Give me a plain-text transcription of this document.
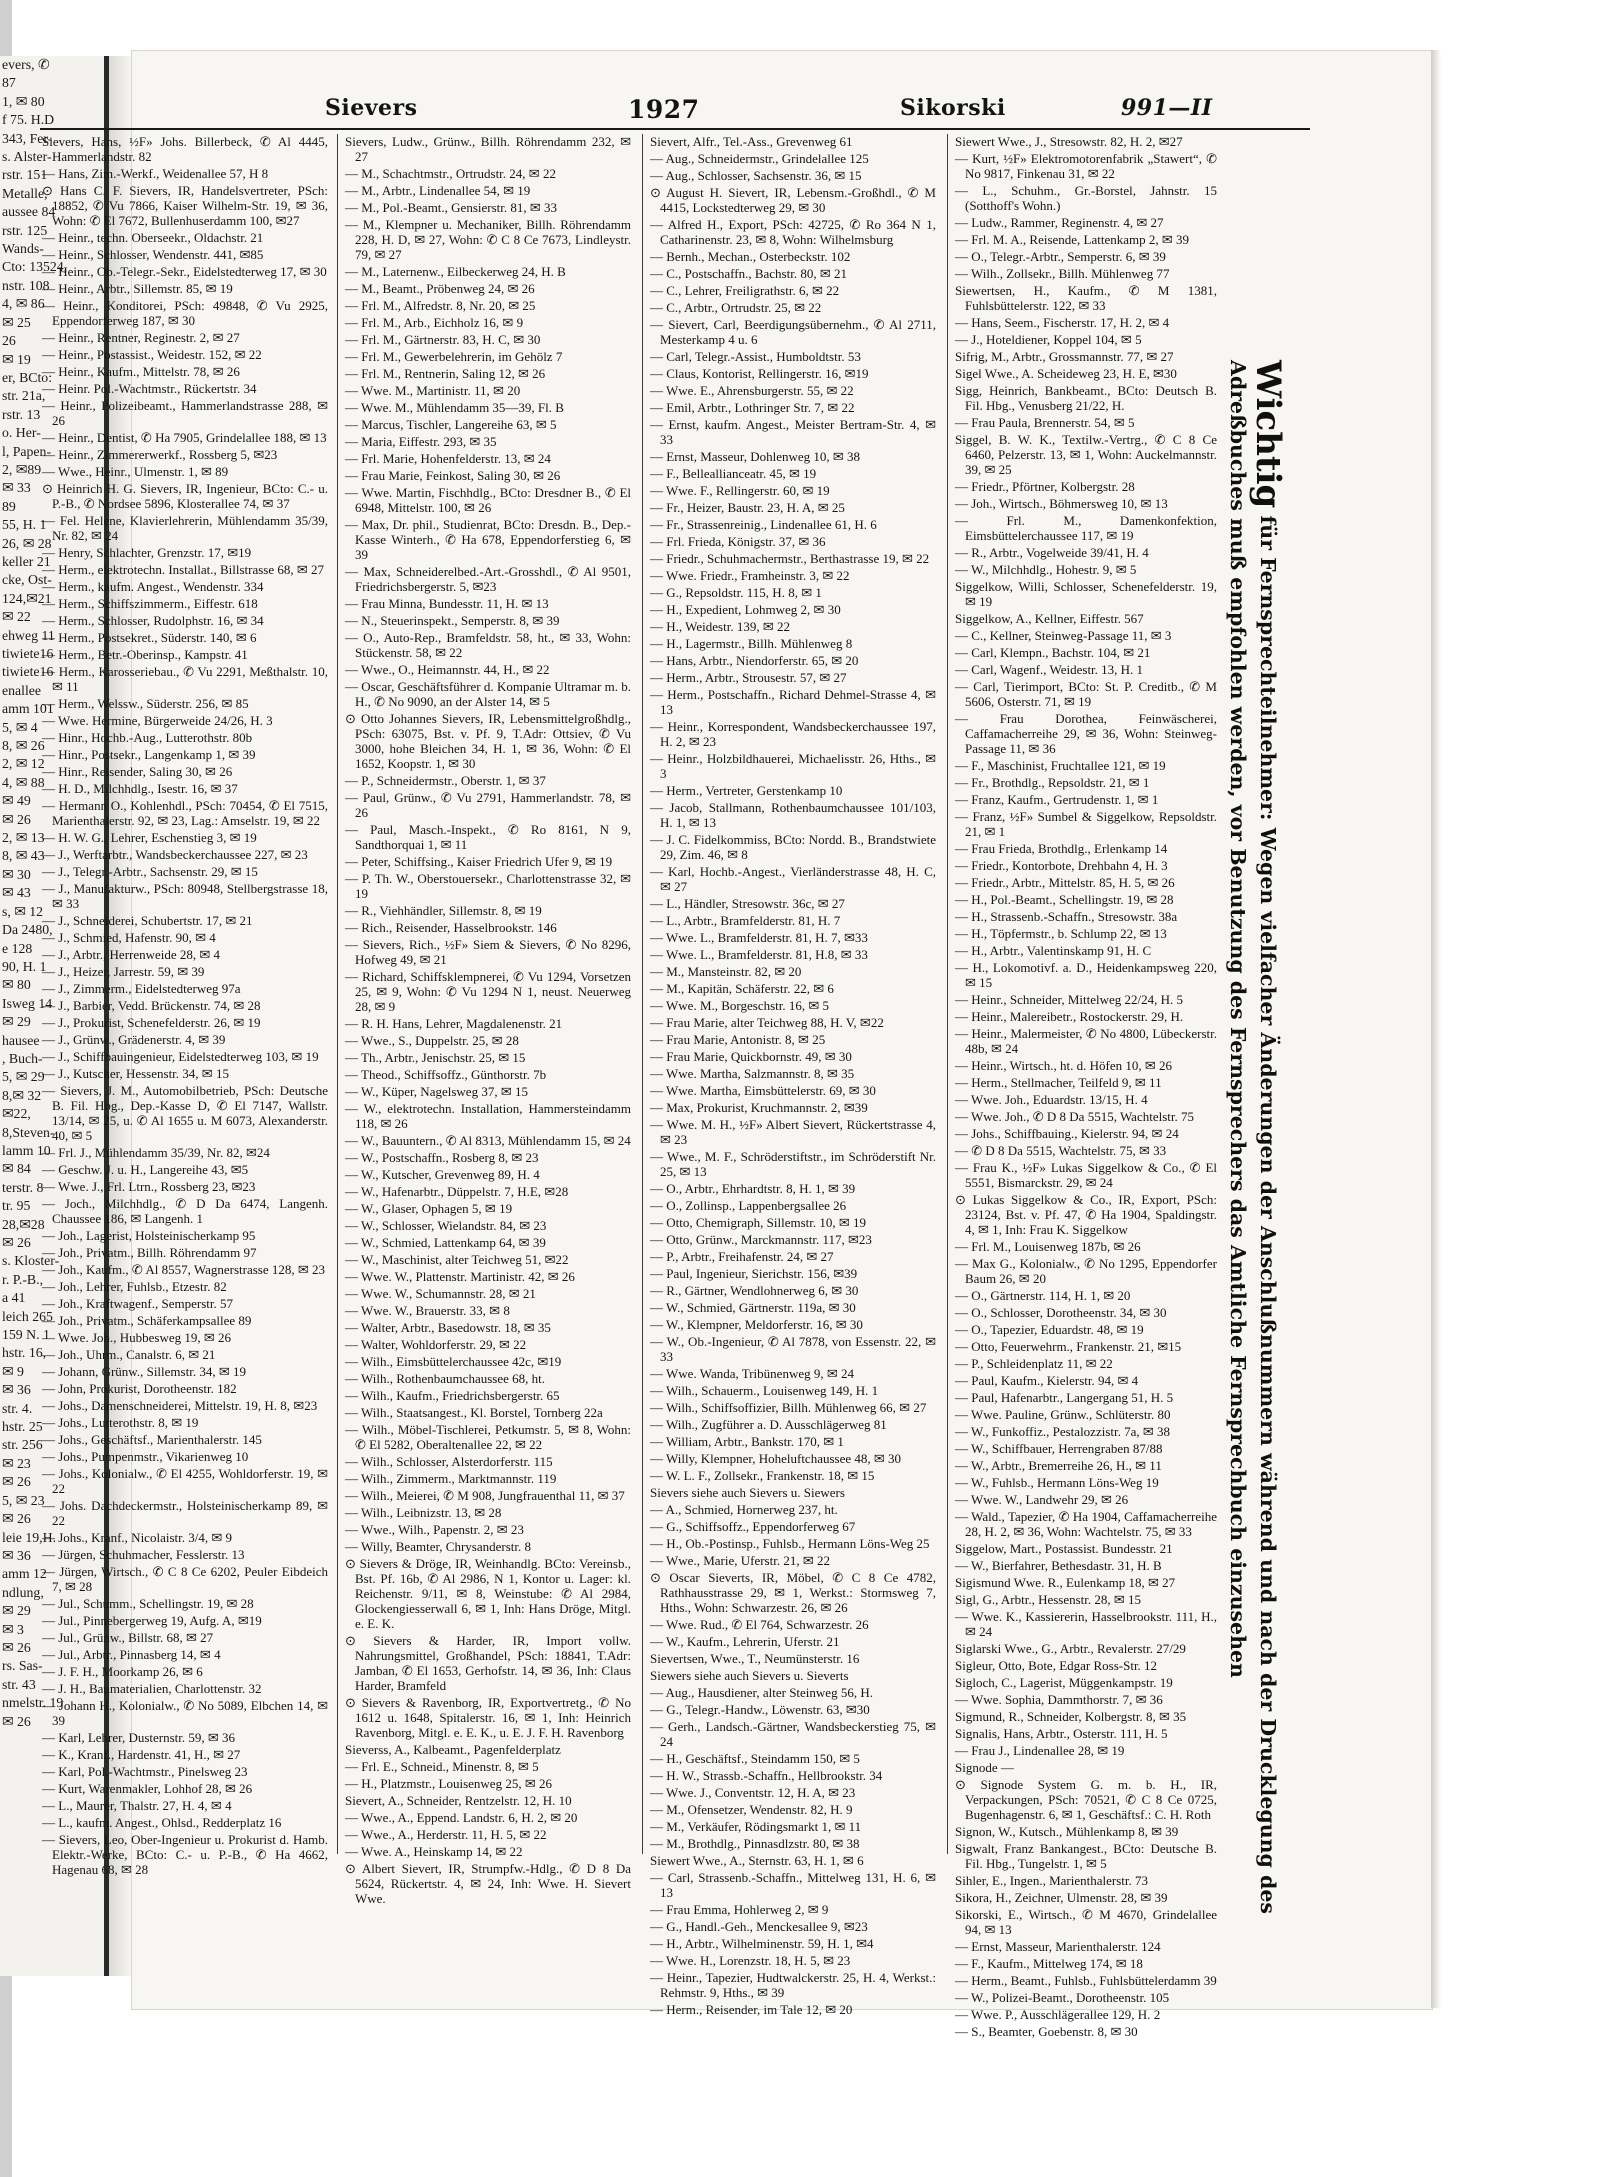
evers, ✆
87
1, ✉ 80
f 75. H.D
343, Fer-
s. Alster-
rstr. 151
Metalle,
aussee 84
rstr. 125
Wands-
Cto: 13524,
nstr. 108
4, ✉ 86
✉ 25
26
✉ 19
er, BCto:
str. 21a,
rstr. 13
o. Her-
l, Papen-
2, ✉89
✉ 33
89
55, H. 1
26, ✉ 28
keller 21
cke, Ost-
124,✉21
✉ 22
ehweg 11
tiwiete16
tiwiete16
enallee
amm 101
5, ✉ 4
8, ✉ 26
2, ✉ 12
4, ✉ 88
✉ 49
✉ 26
2, ✉ 13
8, ✉ 43
✉ 30
✉ 43
s, ✉ 12
Da 2480,
e 128
90, H. 1
✉ 80
Isweg 14
✉ 29
hausee
, Buch-
5, ✉ 29
8,✉ 32
✉22,
8,Steven-
lamm 10
✉ 84
terstr. 8
tr. 95
28,✉28
✉ 26
s. Kloster-
r. P.-B.,
a 41
leich 265
159 N. 1
hstr. 16,
✉ 9
✉ 36
str. 4.
hstr. 25
str. 256
✉ 23
✉ 26
5, ✉ 23
✉ 26
leie 19,H.
✉ 36
amm 12
ndlung,
✉ 29
✉ 3
✉ 26
rs. Sas-
str. 43
nmelstr. 19
✉ 26
Sievers	1927	Sikorski	991—II

Sievers, Hans, ½F» Johs. Billerbeck, ✆ Al 4445, Hammerlandstr. 82

— Hans, Zim.-Werkf., Weidenallee 57, H 8

⊙ Hans C. F. Sievers, IR, Handelsvertreter, PSch: 18852, ✆ Vu 7866, Kaiser Wilhelm-Str. 19, ✉ 36, Wohn: ✆ El 7672, Bullenhuserdamm 100, ✉27

— Heinr., techn. Oberseekr., Oldachstr. 21

— Heinr., Schlosser, Wendenstr. 441, ✉85

— Heinr., Ob.-Telegr.-Sekr., Eidelstedterweg 17, ✉ 30

— Heinr., Arbtr., Sillemstr. 85, ✉ 19

— Heinr., Konditorei, PSch: 49848, ✆ Vu 2925, Eppendorferweg 187, ✉ 30

— Heinr., Rentner, Reginestr. 2, ✉ 27

— Heinr., Postassist., Weidestr. 152, ✉ 22

— Heinr., Kaufm., Mittelstr. 78, ✉ 26

— Heinr. Pol.-Wachtmstr., Rückertstr. 34

— Heinr., Polizeibeamt., Hammerlandstrasse 288, ✉ 26

— Heinr., Dentist, ✆ Ha 7905, Grindelallee 188, ✉ 13

— Heinr., Zimmererwerkf., Rossberg 5, ✉23

— Wwe., Heinr., Ulmenstr. 1, ✉ 89

⊙ Heinrich H. G. Sievers, IR, Ingenieur, BCto: C.- u. P.-B., ✆ Nordsee 5896, Klosterallee 74, ✉ 37

— Fel. Helene, Klavierlehrerin, Mühlendamm 35/39, Nr. 82, ✉ 24

— Henry, Schlachter, Grenzstr. 17, ✉19

— Herm., elektrotechn. Installat., Billstrasse 68, ✉ 27

— Herm., kaufm. Angest., Wendenstr. 334

— Herm., Schiffszimmerm., Eiffestr. 618

— Herm., Schlosser, Rudolphstr. 16, ✉ 34

— Herm., Postsekret., Süderstr. 140, ✉ 6

— Herm., Betr.-Oberinsp., Kampstr. 41

— Herm., Karosseriebau., ✆ Vu 2291, Meßthalstr. 10, ✉ 11

— Herm., Welssw., Süderstr. 256, ✉ 85

— Wwe. Hermine, Bürgerweide 24/26, H. 3

— Hinr., Hochb.-Aug., Lutterothstr. 80b

— Hinr., Postsekr., Langenkamp 1, ✉ 39

— Hinr., Reisender, Saling 30, ✉ 26

— H. D., Milchhdlg., Isestr. 16, ✉ 37

— Hermann O., Kohlenhdl., PSch: 70454, ✆ El 7515, Marienthalerstr. 92, ✉ 23, Lag.: Amselstr. 19, ✉ 22

— H. W. G., Lehrer, Eschenstieg 3, ✉ 19

— J., Werftarbtr., Wandsbeckerchaussee 227, ✉ 23

— J., Telegr.-Arbtr., Sachsenstr. 29, ✉ 15

— J., Manufakturw., PSch: 80948, Stellbergstrasse 18, ✉ 33

— J., Schneiderei, Schubertstr. 17, ✉ 21

— J., Schmied, Hafenstr. 90, ✉ 4

— J., Arbtr., Herrenweide 28, ✉ 4

— J., Heizer, Jarrestr. 59, ✉ 39

— J., Zimmerm., Eidelstedterweg 97a

— J., Barbier, Vedd. Brückenstr. 74, ✉ 28

— J., Prokurist, Schenefelderstr. 26, ✉ 19

— J., Grünw., Grädenerstr. 4, ✉ 39

— J., Schiffbauingenieur, Eidelstedterweg 103, ✉ 19

— J., Kutscher, Hessenstr. 34, ✉ 15

— Sievers, J. M., Automobilbetrieb, PSch: Deutsche B. Fil. Hbg., Dep.-Kasse D, ✆ El 7147, Wallstr. 13/14, ✉ 25, u. ✆ Al 1655 u. M 6073, Alexanderstr. 40, ✉ 5

— Frl. J., Mühlendamm 35/39, Nr. 82, ✉24

— Geschw. J. u. H., Langereihe 43, ✉5

— Wwe. J., Frl. Ltrn., Rossberg 23, ✉23

— Joch., Milchhdlg., ✆ D Da 6474, Langenh. Chaussee 186, ✉ Langenh. 1

— Joh., Lagerist, Holsteinischerkamp 95

— Joh., Privatm., Billh. Röhrendamm 97

— Joh., Kaufm., ✆ Al 8557, Wagnerstrasse 128, ✉ 23

— Joh., Lehrer, Fuhlsb., Etzestr. 82

— Joh., Kraftwagenf., Semperstr. 57

— Joh., Privatm., Schäferkampsallee 89

— Wwe. Joh., Hubbesweg 19, ✉ 26

— Joh., Uhrm., Canalstr. 6, ✉ 21

— Johann, Grünw., Sillemstr. 34, ✉ 19

— John, Prokurist, Dorotheenstr. 182

— Johs., Damenschneiderei, Mittelstr. 19, H. 8, ✉23

— Johs., Lutterothstr. 8, ✉ 19

— Johs., Geschäftsf., Marienthalerstr. 145

— Johs., Pumpenmstr., Vikarienweg 10

— Johs., Kolonialw., ✆ El 4255, Wohldorferstr. 19, ✉ 22

— Johs. Dachdeckermstr., Holsteinischerkamp 89, ✉ 22

— Johs., Kranf., Nicolaistr. 3/4, ✉ 9

— Jürgen, Schuhmacher, Fesslerstr. 13

— Jürgen, Wirtsch., ✆ C 8 Ce 6202, Peuler Eibdeich 7, ✉ 28

— Jul., Schumm., Schellingstr. 19, ✉ 28

— Jul., Pinnebergerweg 19, Aufg. A, ✉19

— Jul., Grünw., Billstr. 68, ✉ 27

— Jul., Arbtr., Pinnasberg 14, ✉ 4

— J. F. H., Moorkamp 26, ✉ 6

— J. H., Baumaterialien, Charlottenstr. 32

— Johann H., Kolonialw., ✆ No 5089, Elbchen 14, ✉ 39

— Karl, Lehrer, Dusternstr. 59, ✉ 36

— K., Kranf., Hardenstr. 41, H., ✉ 27

— Karl, Pol.-Wachtmstr., Pinelsweg 23

— Kurt, Warenmakler, Lohhof 28, ✉ 26

— L., Maurer, Thalstr. 27, H. 4, ✉ 4

— L., kaufm. Angest., Ohlsd., Redderplatz 16

— Sievers, Leo, Ober-Ingenieur u. Prokurist d. Hamb. Elektr.-Werke, BCto: C.- u. P.-B., ✆ Ha 4662, Hagenau 68, ✉ 28

Sievers, Ludw., Grünw., Billh. Röhrendamm 232, ✉ 27

— M., Schachtmstr., Ortrudstr. 24, ✉ 22

— M., Arbtr., Lindenallee 54, ✉ 19

— M., Pol.-Beamt., Gensierstr. 81, ✉ 33

— M., Klempner u. Mechaniker, Billh. Röhrendamm 228, H. D, ✉ 27, Wohn: ✆ C 8 Ce 7673, Lindleystr. 79, ✉ 27

— M., Laternenw., Eilbeckerweg 24, H. B

— M., Beamt., Pröbenweg 24, ✉ 26

— Frl. M., Alfredstr. 8, Nr. 20, ✉ 25

— Frl. M., Arb., Eichholz 16, ✉ 9

— Frl. M., Gärtnerstr. 83, H. C, ✉ 30

— Frl. M., Gewerbelehrerin, im Gehölz 7

— Frl. M., Rentnerin, Saling 12, ✉ 26

— Wwe. M., Martinistr. 11, ✉ 20

— Wwe. M., Mühlendamm 35—39, Fl. B

— Marcus, Tischler, Langereihe 63, ✉ 5

— Maria, Eiffestr. 293, ✉ 35

— Frl. Marie, Hohenfelderstr. 13, ✉ 24

— Frau Marie, Feinkost, Saling 30, ✉ 26

— Wwe. Martin, Fischhdlg., BCto: Dresdner B., ✆ El 6948, Mittelstr. 100, ✉ 26

— Max, Dr. phil., Studienrat, BCto: Dresdn. B., Dep.-Kasse Winterh., ✆ Ha 678, Eppendorferstieg 6, ✉ 39

— Max, Schneiderelbed.-Art.-Grosshdl., ✆ Al 9501, Friedrichsbergerstr. 5, ✉23

— Frau Minna, Bundesstr. 11, H. ✉ 13

— N., Steuerinspekt., Semperstr. 8, ✉ 39

— O., Auto-Rep., Bramfeldstr. 58, ht., ✉ 33, Wohn: Stückenstr. 58, ✉ 22

— Wwe., O., Heimannstr. 44, H., ✉ 22

— Oscar, Geschäftsführer d. Kompanie Ultramar m. b. H., ✆ No 9090, an der Alster 14, ✉ 5

⊙ Otto Johannes Sievers, IR, Lebensmittelgroßhdlg., PSch: 63075, Bst. v. Pf. 9, T.Adr: Ottsiev, ✆ Vu 3000, hohe Bleichen 34, H. 1, ✉ 36, Wohn: ✆ El 1652, Koopstr. 1, ✉ 30

— P., Schneidermstr., Oberstr. 1, ✉ 37

— Paul, Grünw., ✆ Vu 2791, Hammerlandstr. 78, ✉ 26

— Paul, Masch.-Inspekt., ✆ Ro 8161, N 9, Sandthorquai 1, ✉ 11

— Peter, Schiffsing., Kaiser Friedrich Ufer 9, ✉ 19

— P. Th. W., Oberstouersekr., Charlottenstrasse 32, ✉ 19

— R., Viehhändler, Sillemstr. 8, ✉ 19

— Rich., Reisender, Hasselbrookstr. 146

— Sievers, Rich., ½F» Siem & Sievers, ✆ No 8296, Hofweg 49, ✉ 21

— Richard, Schiffsklempnerei, ✆ Vu 1294, Vorsetzen 25, ✉ 9, Wohn: ✆ Vu 1294 N 1, neust. Neuerweg 28, ✉ 9

— R. H. Hans, Lehrer, Magdalenenstr. 21

— Wwe., S., Duppelstr. 25, ✉ 28

— Th., Arbtr., Jenischstr. 25, ✉ 15

— Theod., Schiffsoffz., Günthorstr. 7b

— W., Küper, Nagelsweg 37, ✉ 15

— W., elektrotechn. Installation, Hammersteindamm 118, ✉ 26

— W., Bauuntern., ✆ Al 8313, Mühlendamm 15, ✉ 24

— W., Postschaffn., Rosberg 8, ✉ 23

— W., Kutscher, Grevenweg 89, H. 4

— W., Hafenarbtr., Düppelstr. 7, H.E, ✉28

— W., Glaser, Ophagen 5, ✉ 19

— W., Schlosser, Wielandstr. 84, ✉ 23

— W., Schmied, Lattenkamp 64, ✉ 39

— W., Maschinist, alter Teichweg 51, ✉22

— Wwe. W., Plattenstr. Martinistr. 42, ✉ 26

— Wwe. W., Schumannstr. 28, ✉ 21

— Wwe. W., Brauerstr. 33, ✉ 8

— Walter, Arbtr., Basedowstr. 18, ✉ 35

— Walter, Wohldorferstr. 29, ✉ 22

— Wilh., Eimsbüttelerchaussee 42c, ✉19

— Wilh., Rothenbaumchaussee 68, ht.

— Wilh., Kaufm., Friedrichsbergerstr. 65

— Wilh., Staatsangest., Kl. Borstel, Tornberg 22a

— Wilh., Möbel-Tischlerei, Petkumstr. 5, ✉ 8, Wohn: ✆ El 5282, Oberaltenallee 22, ✉ 22

— Wilh., Schlosser, Alsterdorferstr. 115

— Wilh., Zimmerm., Marktmannstr. 119

— Wilh., Meierei, ✆ M 908, Jungfrauenthal 11, ✉ 37

— Wilh., Leibnizstr. 13, ✉ 28

— Wwe., Wilh., Papenstr. 2, ✉ 23

— Willy, Beamter, Chrysanderstr. 8

⊙ Sievers & Dröge, IR, Weinhandlg. BCto: Vereinsb., Bst. Pf. 16b, ✆ Al 2986, N 1, Kontor u. Lager: kl. Reichenstr. 9/11, ✉ 8, Weinstube: ✆ Al 2984, Glockengiesserwall 6, ✉ 1, Inh: Hans Dröge, Mitgl. e. E. K.

⊙ Sievers & Harder, IR, Import vollw. Nahrungsmittel, Großhandel, PSch: 18841, T.Adr: Jamban, ✆ El 1653, Gerhofstr. 14, ✉ 36, Inh: Claus Harder, Bramfeld

⊙ Sievers & Ravenborg, IR, Exportvertretg., ✆ No 1612 u. 1648, Spitalerstr. 16, ✉ 1, Inh: Heinrich Ravenborg, Mitgl. e. E. K., u. E. J. F. H. Ravenborg

Sieverss, A., Kalbeamt., Pagenfelderplatz

— Frl. E., Schneid., Minenstr. 8, ✉ 5

— H., Platzmstr., Louisenweg 25, ✉ 26

Sievert, A., Schneider, Rentzelstr. 12, H. 10

— Wwe., A., Eppend. Landstr. 6, H. 2, ✉ 20

— Wwe., A., Herderstr. 11, H. 5, ✉ 22

— Wwe. A., Heinskamp 14, ✉ 22

⊙ Albert Sievert, IR, Strumpfw.-Hdlg., ✆ D 8 Da 5624, Rückertstr. 4, ✉ 24, Inh: Wwe. H. Sievert Wwe.

Sievert, Alfr., Tel.-Ass., Grevenweg 61

— Aug., Schneidermstr., Grindelallee 125

— Aug., Schlosser, Sachsenstr. 36, ✉ 15

⊙ August H. Sievert, IR, Lebensm.-Großhdl., ✆ M 4415, Lockstedterweg 29, ✉ 30

— Alfred H., Export, PSch: 42725, ✆ Ro 364 N 1, Catharinenstr. 23, ✉ 8, Wohn: Wilhelmsburg

— Bernh., Mechan., Osterbeckstr. 102

— C., Postschaffn., Bachstr. 80, ✉ 21

— C., Lehrer, Freiligrathstr. 6, ✉ 22

— C., Arbtr., Ortrudstr. 25, ✉ 22

— Sievert, Carl, Beerdigungsübernehm., ✆ Al 2711, Mesterkamp 4 u. 6

— Carl, Telegr.-Assist., Humboldtstr. 53

— Claus, Kontorist, Rellingerstr. 16, ✉19

— Wwe. E., Ahrensburgerstr. 55, ✉ 22

— Emil, Arbtr., Lothringer Str. 7, ✉ 22

— Ernst, kaufm. Angest., Meister Bertram-Str. 4, ✉ 33

— Ernst, Masseur, Dohlenweg 10, ✉ 38

— F., Belleallianceatr. 45, ✉ 19

— Wwe. F., Rellingerstr. 60, ✉ 19

— Fr., Heizer, Baustr. 23, H. A, ✉ 25

— Fr., Strassenreinig., Lindenallee 61, H. 6

— Frl. Frieda, Königstr. 37, ✉ 36

— Friedr., Schuhmachermstr., Berthastrasse 19, ✉ 22

— Wwe. Friedr., Framheinstr. 3, ✉ 22

— G., Repsoldstr. 115, H. 8, ✉ 1

— H., Expedient, Lohmweg 2, ✉ 30

— H., Weidestr. 139, ✉ 22

— H., Lagermstr., Billh. Mühlenweg 8

— Hans, Arbtr., Niendorferstr. 65, ✉ 20

— Herm., Arbtr., Strousestr. 57, ✉ 27

— Herm., Postschaffn., Richard Dehmel-Strasse 4, ✉ 13

— Heinr., Korrespondent, Wandsbeckerchaussee 197, H. 2, ✉ 23

— Heinr., Holzbildhauerei, Michaelisstr. 26, Hths., ✉ 3

— Herm., Vertreter, Gerstenkamp 10

— Jacob, Stallmann, Rothenbaumchaussee 101/103, H. 1, ✉ 13

— J. C. Fidelkommiss, BCto: Nordd. B., Brandstwiete 29, Zim. 46, ✉ 8

— Karl, Hochb.-Angest., Vierländerstrasse 48, H. C, ✉ 27

— L., Händler, Stresowstr. 36c, ✉ 27

— L., Arbtr., Bramfelderstr. 81, H. 7

— Wwe. L., Bramfelderstr. 81, H. 7, ✉33

— Wwe. L., Bramfelderstr. 81, H.8, ✉ 33

— M., Mansteinstr. 82, ✉ 20

— M., Kapitän, Schäferstr. 22, ✉ 6

— Wwe. M., Borgeschstr. 16, ✉ 5

— Frau Marie, alter Teichweg 88, H. V, ✉22

— Frau Marie, Antonistr. 8, ✉ 25

— Frau Marie, Quickbornstr. 49, ✉ 30

— Wwe. Martha, Salzmannstr. 8, ✉ 35

— Wwe. Martha, Eimsbüttelerstr. 69, ✉ 30

— Max, Prokurist, Kruchmannstr. 2, ✉39

— Wwe. M. H., ½F» Albert Sievert, Rückertstrasse 4, ✉ 23

— Wwe., M. F., Schröderstiftstr., im Schröderstift Nr. 25, ✉ 13

— O., Arbtr., Ehrhardtstr. 8, H. 1, ✉ 39

— O., Zollinsp., Lappenbergsallee 26

— Otto, Chemigraph, Sillemstr. 10, ✉ 19

— Otto, Grünw., Marckmannstr. 117, ✉23

— P., Arbtr., Freihafenstr. 24, ✉ 27

— Paul, Ingenieur, Sierichstr. 156, ✉39

— R., Gärtner, Wendlohnerweg 6, ✉ 30

— W., Schmied, Gärtnerstr. 119a, ✉ 30

— W., Klempner, Meldorferstr. 16, ✉ 30

— W., Ob.-Ingenieur, ✆ Al 7878, von Essenstr. 22, ✉ 33

— Wwe. Wanda, Tribünenweg 9, ✉ 24

— Wilh., Schauerm., Louisenweg 149, H. 1

— Wilh., Schiffsoffizier, Billh. Mühlenweg 66, ✉ 27

— Wilh., Zugführer a. D. Ausschlägerweg 81

— William, Arbtr., Bankstr. 170, ✉ 1

— Willy, Klempner, Hoheluftchaussee 48, ✉ 30

— W. L. F., Zollsekr., Frankenstr. 18, ✉ 15

Sievers siehe auch Sievers u. Siewers

— A., Schmied, Hornerweg 237, ht.

— G., Schiffsoffz., Eppendorferweg 67

— H., Ob.-Postinsp., Fuhlsb., Hermann Löns-Weg 25

— Wwe., Marie, Uferstr. 21, ✉ 22

⊙ Oscar Sieverts, IR, Möbel, ✆ C 8 Ce 4782, Rathhausstrasse 29, ✉ 1, Werkst.: Stormsweg 7, Hths., Wohn: Schwarzestr. 26, ✉ 26

— Wwe. Rud., ✆ El 764, Schwarzestr. 26

— W., Kaufm., Lehrerin, Uferstr. 21

Sievertsen, Wwe., T., Neumünsterstr. 16

Siewers siehe auch Sievers u. Sieverts

— Aug., Hausdiener, alter Steinweg 56, H.

— G., Telegr.-Handw., Löwenstr. 63, ✉30

— Gerh., Landsch.-Gärtner, Wandsbeckerstieg 75, ✉ 24

— H., Geschäftsf., Steindamm 150, ✉ 5

— H. W., Strassb.-Schaffn., Hellbrookstr. 34

— Wwe. J., Conventstr. 12, H. A, ✉ 23

— M., Ofensetzer, Wendenstr. 82, H. 9

— M., Verkäufer, Rödingsmarkt 1, ✉ 11

— M., Brothdlg., Pinnasdlzstr. 80, ✉ 38

Siewert Wwe., A., Sternstr. 63, H. 1, ✉ 6

— Carl, Strassenb.-Schaffn., Mittelweg 131, H. 6, ✉ 13

— Frau Emma, Hohlerweg 2, ✉ 9

— G., Handl.-Geh., Menckesallee 9, ✉23

— H., Arbtr., Wilhelminenstr. 59, H. 1, ✉4

— Wwe. H., Lorenzstr. 18, H. 5, ✉ 23

— Heinr., Tapezier, Hudtwalckerstr. 25, H. 4, Werkst.: Rehmstr. 9, Hths., ✉ 39

— Herm., Reisender, im Tale 12, ✉ 20

Siewert Wwe., J., Stresowstr. 82, H. 2, ✉27

— Kurt, ½F» Elektromotorenfabrik „Stawert“, ✆ No 9817, Finkenau 31, ✉ 22

— L., Schuhm., Gr.-Borstel, Jahnstr. 15 (Sotthoff's Wohn.)

— Ludw., Rammer, Reginenstr. 4, ✉ 27

— Frl. M. A., Reisende, Lattenkamp 2, ✉ 39

— O., Telegr.-Arbtr., Semperstr. 6, ✉ 39

— Wilh., Zollsekr., Billh. Mühlenweg 77

Siewertsen, H., Kaufm., ✆ M 1381, Fuhlsbüttelerstr. 122, ✉ 33

— Hans, Seem., Fischerstr. 17, H. 2, ✉ 4

— J., Hoteldiener, Koppel 104, ✉ 5

Sifrig, M., Arbtr., Grossmannstr. 77, ✉ 27

Sigel Wwe., A. Scheideweg 23, H. E, ✉30

Sigg, Heinrich, Bankbeamt., BCto: Deutsch B. Fil. Hbg., Venusberg 21/22, H.

— Frau Paula, Brennerstr. 54, ✉ 5

Siggel, B. W. K., Textilw.-Vertrg., ✆ C 8 Ce 6460, Pelzerstr. 13, ✉ 1, Wohn: Auckelmannstr. 39, ✉ 25

— Friedr., Pförtner, Kolbergstr. 28

— Joh., Wirtsch., Böhmersweg 10, ✉ 13

— Frl. M., Damenkonfektion, Eimsbüttelerchaussee 117, ✉ 19

— R., Arbtr., Vogelweide 39/41, H. 4

— W., Milchhdlg., Hohestr. 9, ✉ 5

Siggelkow, Willi, Schlosser, Schenefelderstr. 19, ✉ 19

Siggelkow, A., Kellner, Eiffestr. 567

— C., Kellner, Steinweg-Passage 11, ✉ 3

— Carl, Klempn., Bachstr. 104, ✉ 21

— Carl, Wagenf., Weidestr. 13, H. 1

— Carl, Tierimport, BCto: St. P. Creditb., ✆ M 5606, Osterstr. 71, ✉ 19

— Frau Dorothea, Feinwäscherei, Caffamacherreihe 29, ✉ 36, Wohn: Steinweg-Passage 11, ✉ 36

— F., Maschinist, Fruchtallee 121, ✉ 19

— Fr., Brothdlg., Repsoldstr. 21, ✉ 1

— Franz, Kaufm., Gertrudenstr. 1, ✉ 1

— Franz, ½F» Sumbel & Siggelkow, Repsoldstr. 21, ✉ 1

— Frau Frieda, Brothdlg., Erlenkamp 14

— Friedr., Kontorbote, Drehbahn 4, H. 3

— Friedr., Arbtr., Mittelstr. 85, H. 5, ✉ 26

— H., Pol.-Beamt., Schellingstr. 19, ✉ 28

— H., Strassenb.-Schaffn., Stresowstr. 38a

— H., Töpfermstr., b. Schlump 22, ✉ 13

— H., Arbtr., Valentinskamp 91, H. C

— H., Lokomotivf. a. D., Heidenkampsweg 220, ✉ 15

— Heinr., Schneider, Mittelweg 22/24, H. 5

— Heinr., Malereibetr., Rostockerstr. 29, H.

— Heinr., Malermeister, ✆ No 4800, Lübeckerstr. 48b, ✉ 24

— Heinr., Wirtsch., ht. d. Höfen 10, ✉ 26

— Herm., Stellmacher, Teilfeld 9, ✉ 11

— Wwe. Joh., Eduardstr. 13/15, H. 4

— Wwe. Joh., ✆ D 8 Da 5515, Wachtelstr. 75

— Johs., Schiffbauing., Kielerstr. 94, ✉ 24

— ✆ D 8 Da 5515, Wachtelstr. 75, ✉ 33

— Frau K., ½F» Lukas Siggelkow & Co., ✆ El 5551, Bismarckstr. 29, ✉ 24

⊙ Lukas Siggelkow & Co., IR, Export, PSch: 23124, Bst. v. Pf. 47, ✆ Ha 1904, Spaldingstr. 4, ✉ 1, Inh: Frau K. Siggelkow

— Frl. M., Louisenweg 187b, ✉ 26

— Max G., Kolonialw., ✆ No 1295, Eppendorfer Baum 26, ✉ 20

— O., Gärtnerstr. 114, H. 1, ✉ 20

— O., Schlosser, Dorotheenstr. 34, ✉ 30

— O., Tapezier, Eduardstr. 48, ✉ 19

— Otto, Feuerwehrm., Frankenstr. 21, ✉15

— P., Schleidenplatz 11, ✉ 22

— Paul, Kaufm., Kielerstr. 94, ✉ 4

— Paul, Hafenarbtr., Langergang 51, H. 5

— Wwe. Pauline, Grünw., Schlüterstr. 80

— W., Funkoffiz., Pestalozzistr. 7a, ✉ 38

— W., Schiffbauer, Herrengraben 87/88

— W., Arbtr., Bremerreihe 26, H., ✉ 11

— W., Fuhlsb., Hermann Löns-Weg 19

— Wwe. W., Landwehr 29, ✉ 26

— Wald., Tapezier, ✆ Ha 1904, Caffamacherreihe 28, H. 2, ✉ 36, Wohn: Wachtelstr. 75, ✉ 33

Siggelow, Mart., Postassist. Bundesstr. 21

— W., Bierfahrer, Bethesdastr. 31, H. B

Sigismund Wwe. R., Eulenkamp 18, ✉ 27

Sigl, G., Arbtr., Hessenstr. 28, ✉ 15

— Wwe. K., Kassiererin, Hasselbrookstr. 111, H., ✉ 24

Siglarski Wwe., G., Arbtr., Revalerstr. 27/29

Sigleur, Otto, Bote, Edgar Ross-Str. 12

Sigloch, C., Lagerist, Müggenkampstr. 19

— Wwe. Sophia, Dammthorstr. 7, ✉ 36

Sigmund, R., Schneider, Kolbergstr. 8, ✉ 35

Signalis, Hans, Arbtr., Osterstr. 111, H. 5

— Frau J., Lindenallee 28, ✉ 19

Signode —

⊙ Signode System G. m. b. H., IR, Verpackungen, PSch: 70521, ✆ C 8 Ce 0725, Bugenhagenstr. 6, ✉ 1, Geschäftsf.: C. H. Roth

Signon, W., Kutsch., Mühlenkamp 8, ✉ 39

Sigwalt, Franz Bankangest., BCto: Deutsche B. Fil. Hbg., Tungelstr. 1, ✉ 5

Sihler, E., Ingen., Marienthalerstr. 73

Sikora, H., Zeichner, Ulmenstr. 28, ✉ 39

Sikorski, E., Wirtsch., ✆ M 4670, Grindelallee 94, ✉ 13

— Ernst, Masseur, Marienthalerstr. 124

— F., Kaufm., Mittelweg 174, ✉ 18

— Herm., Beamt., Fuhlsb., Fuhlsbüttelerdamm 39

— W., Polizei-Beamt., Dorotheenstr. 105

— Wwe. P., Ausschlägerallee 129, H. 2

— S., Beamter, Goebenstr. 8, ✉ 30

Wichtig für Fernsprechteilnehmer: Wegen vielfacher Änderungen der Anschlußnummern während und nach der Drucklegung des Adreßbuches muß empfohlen werden, vor Benutzung des Fernsprechers das Amtliche Fernsprechbuch einzusehen
